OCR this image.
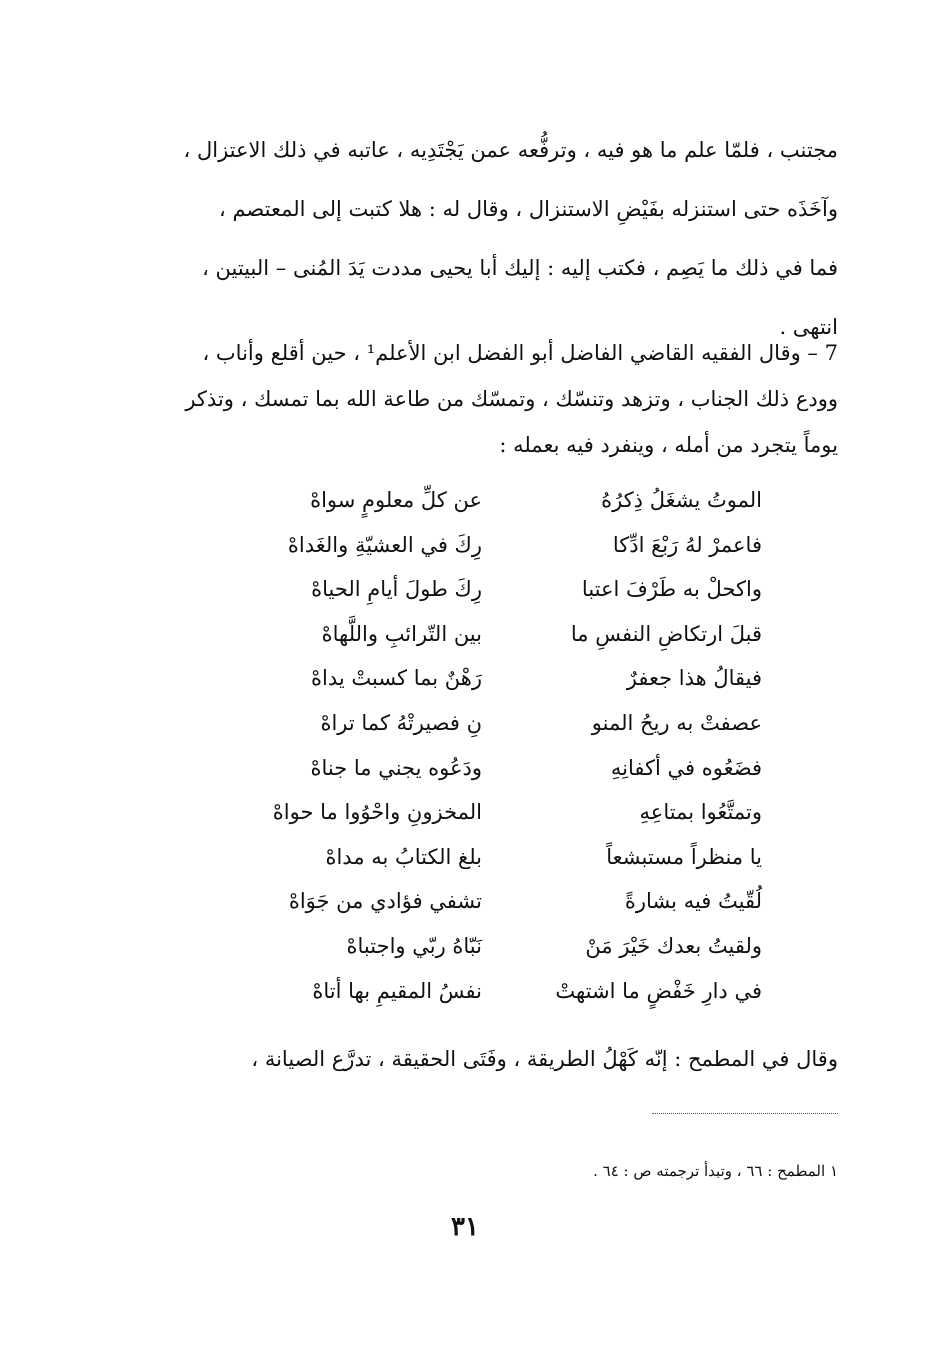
مجتنب ، فلمّا علم ما هو فيه ، وترفُّعه عمن يَجْتَدِيه ، عاتبه في ذلك الاعتزال ،
وآخَذَه حتى استنزله بفَيْضِ الاستنزال ، وقال له : هلا كتبت إلى المعتصم ،
فما في ذلك ما يَصِم ، فكتب إليه : إليك أبا يحيى مددت يَدَ المُنى – البيتين ،
انتهى .
7 – وقال الفقيه القاضي الفاضل أبو الفضل ابن الأعلم¹ ، حين أقلع وأناب ،
وودع ذلك الجناب ، وتزهد وتنسّك ، وتمسّك من طاعة الله بما تمسك ، وتذكر
يوماً يتجرد من أمله ، وينفرد فيه بعمله :
الموتُ يشغَلُ ذِكرُهُ
عن كلِّ معلومٍ سواهْ
فاعمرْ لهُ رَبْعَ ادِّكا
رِكَ في العشيّةِ والغَداهْ
واكحلْ به طَرْفَ اعتبا
رِكَ طولَ أيامِ الحياهْ
قبلَ ارتكاضِ النفسِ ما
بين التّرائبِ واللَّهاهْ
فيقالُ هذا جعفرٌ
رَهْنٌ بما كسبتْ يداهْ
عصفتْ به ريحُ المنو
نِ فصيرتْهُ كما تراهْ
فضَعُوه في أكفانِهِ
ودَعُوه يجني ما جناهْ
وتمتَّعُوا بمتاعِهِ
المخزونِ واحْوُوا ما حواهْ
يا منظراً مستبشعاً
بلغ الكتابُ به مداهْ
لُقّيتُ فيه بشارةً
تشفي فؤادي من جَوَاهْ
ولقيتُ بعدك خَيْرَ مَنْ
نَبّاهُ ربّي واجتباهْ
في دارِ خَفْضٍ ما اشتهتْ
نفسُ المقيمِ بها أتاهْ
وقال في المطمح : إنّه كَهْلُ الطريقة ، وفَتَى الحقيقة ، تدرَّع الصيانة ،
١ المطمح : ٦٦ ، وتبدأ ترجمته ص : ٦٤ .
٣١
